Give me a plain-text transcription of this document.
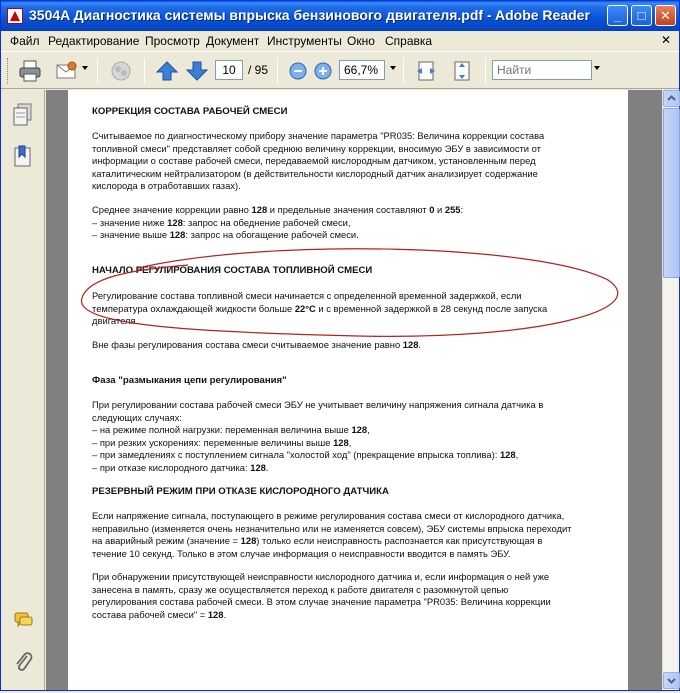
3504A Диагностика системы впрыска бензинового двигателя.pdf - Adobe Reader	_	□	✕
Файл Редактирование Просмотр Документ Инструменты Окно Справка	✕
10
/ 95
66,7%
Найти
КОРРЕКЦИЯ СОСТАВА РАБОЧЕЙ СМЕСИ

Считываемое по диагностическому прибору значение параметра "PR035: Величина коррекции состава
топливной смеси" представляет собой среднюю величину коррекции, вносимую ЭБУ в зависимости от
информации о составе рабочей смеси, передаваемой кислородным датчиком, установленным перед
каталитическим нейтрализатором (в действительности кислородный датчик анализирует содержание
кислорода в отработавших газах).

Среднее значение коррекции равно 128 и предельные значения составляют 0 и 255:
– значение ниже 128: запрос на обеднение рабочей смеси,
– значение выше 128: запрос на обогащение рабочей смеси.

НАЧАЛО РЕГУЛИРОВАНИЯ СОСТАВА ТОПЛИВНОЙ СМЕСИ

Регулирование состава топливной смеси начинается с определенной временной задержкой, если
температура охлаждающей жидкости больше 22°C и с временной задержкой в 28 секунд после запуска
двигателя.

Вне фазы регулирования состава смеси считываемое значение равно 128.

Фаза "размыкания цепи регулирования"

При регулировании состава рабочей смеси ЭБУ не учитывает величину напряжения сигнала датчика в
следующих случаях:
– на режиме полной нагрузки: переменная величина выше 128,
– при резких ускорениях: переменные величины выше 128,
– при замедлениях с поступлением сигнала "холостой ход" (прекращение впрыска топлива): 128,
– при отказе кислородного датчика: 128.

РЕЗЕРВНЫЙ РЕЖИМ ПРИ ОТКАЗЕ КИСЛОРОДНОГО ДАТЧИКА

Если напряжение сигнала, поступающего в режиме регулирования состава смеси от кислородного датчика,
неправильно (изменяется очень незначительно или не изменяется совсем), ЭБУ системы впрыска переходит
на аварийный режим (значение = 128) только если неисправность распознается как присутствующая в
течение 10 секунд. Только в этом случае информация о неисправности вводится в память ЭБУ.

При обнаружении присутствующей неисправности кислородного датчика и, если информация о ней уже
занесена в память, сразу же осуществляется переход к работе двигателя с разомкнутой цепью
регулирования состава рабочей смеси. В этом случае значение параметра "PR035: Величина коррекции
состава рабочей смеси" = 128.
